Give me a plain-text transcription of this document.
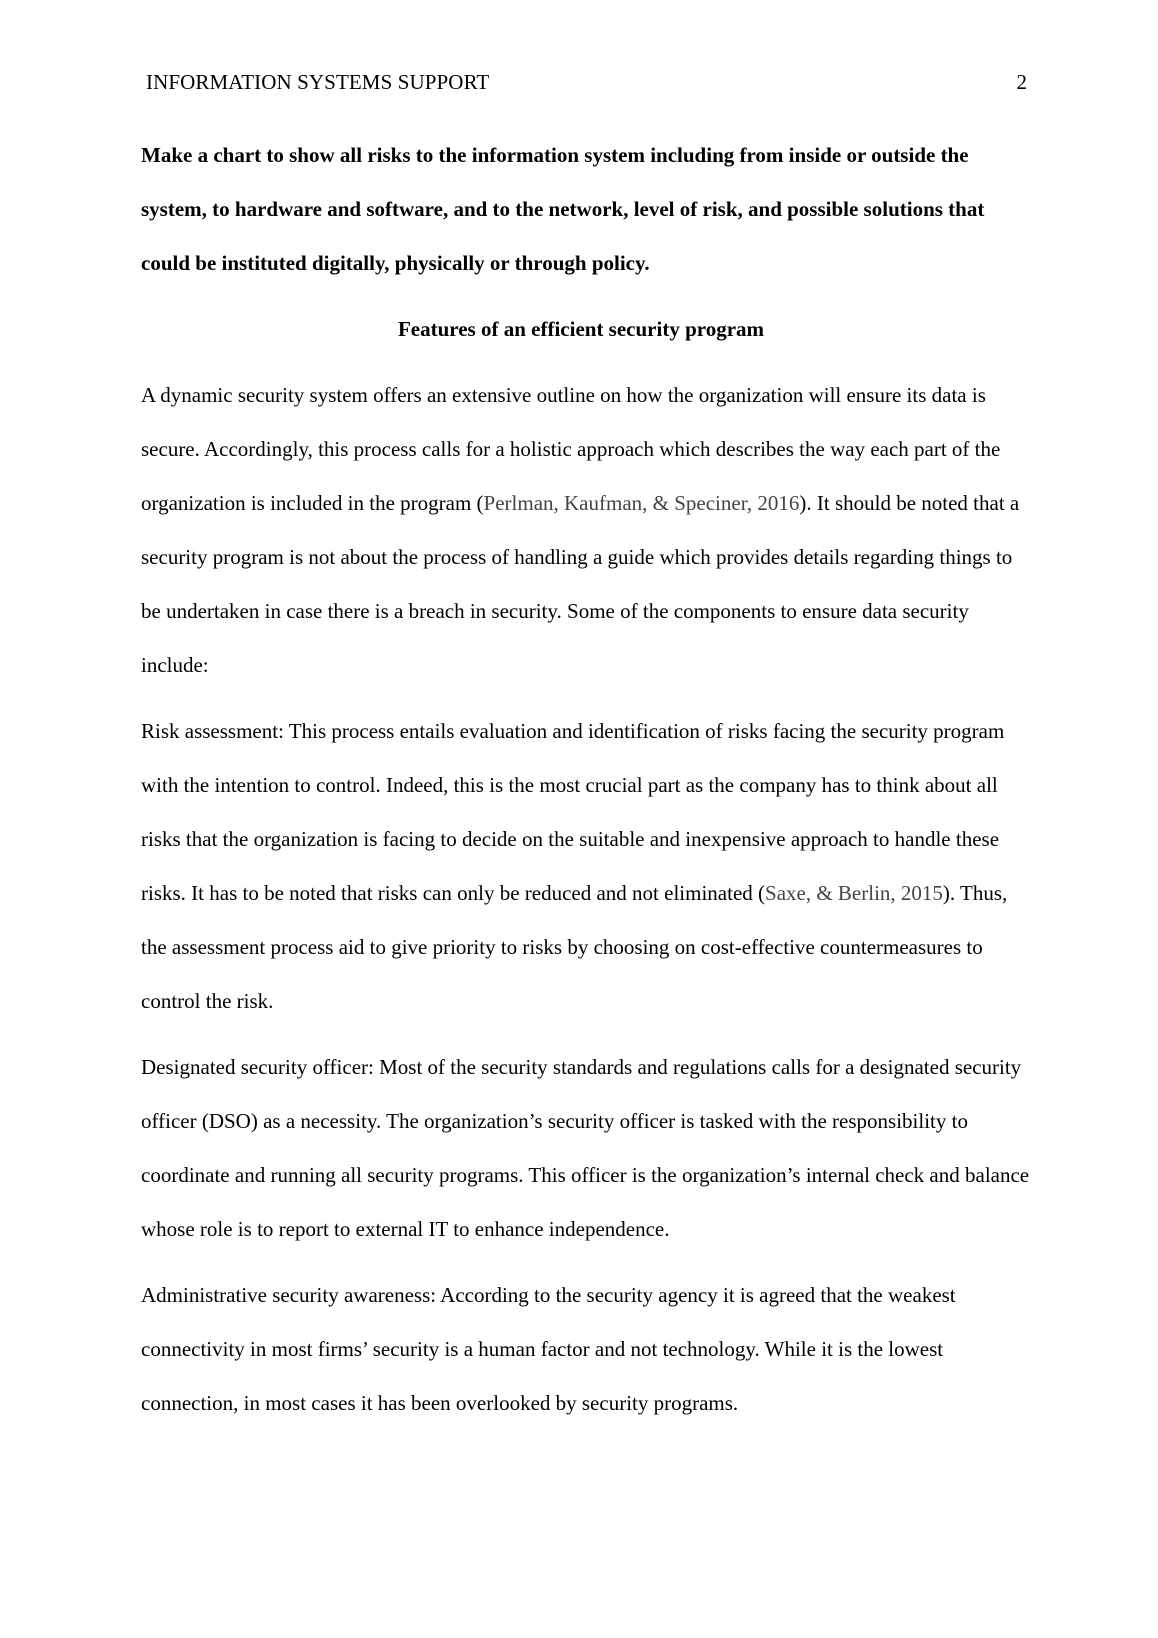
INFORMATION SYSTEMS SUPPORT	2

Make a chart to show all risks to the information system including from inside or outside the system, to hardware and software, and to the network, level of risk, and possible solutions that could be instituted digitally, physically or through policy.

Features of an efficient security program

A dynamic security system offers an extensive outline on how the organization will ensure its data is secure. Accordingly, this process calls for a holistic approach which describes the way each part of the organization is included in the program (Perlman, Kaufman, & Speciner, 2016). It should be noted that a security program is not about the process of handling a guide which provides details regarding things to be undertaken in case there is a breach in security. Some of the components to ensure data security include:

Risk assessment: This process entails evaluation and identification of risks facing the security program with the intention to control. Indeed, this is the most crucial part as the company has to think about all risks that the organization is facing to decide on the suitable and inexpensive approach to handle these risks. It has to be noted that risks can only be reduced and not eliminated (Saxe, & Berlin, 2015). Thus, the assessment process aid to give priority to risks by choosing on cost-effective countermeasures to control the risk.

Designated security officer: Most of the security standards and regulations calls for a designated security officer (DSO) as a necessity. The organization’s security officer is tasked with the responsibility to coordinate and running all security programs. This officer is the organization’s internal check and balance whose role is to report to external IT to enhance independence.

Administrative security awareness: According to the security agency it is agreed that the weakest connectivity in most firms’ security is a human factor and not technology. While it is the lowest connection, in most cases it has been overlooked by security programs.
